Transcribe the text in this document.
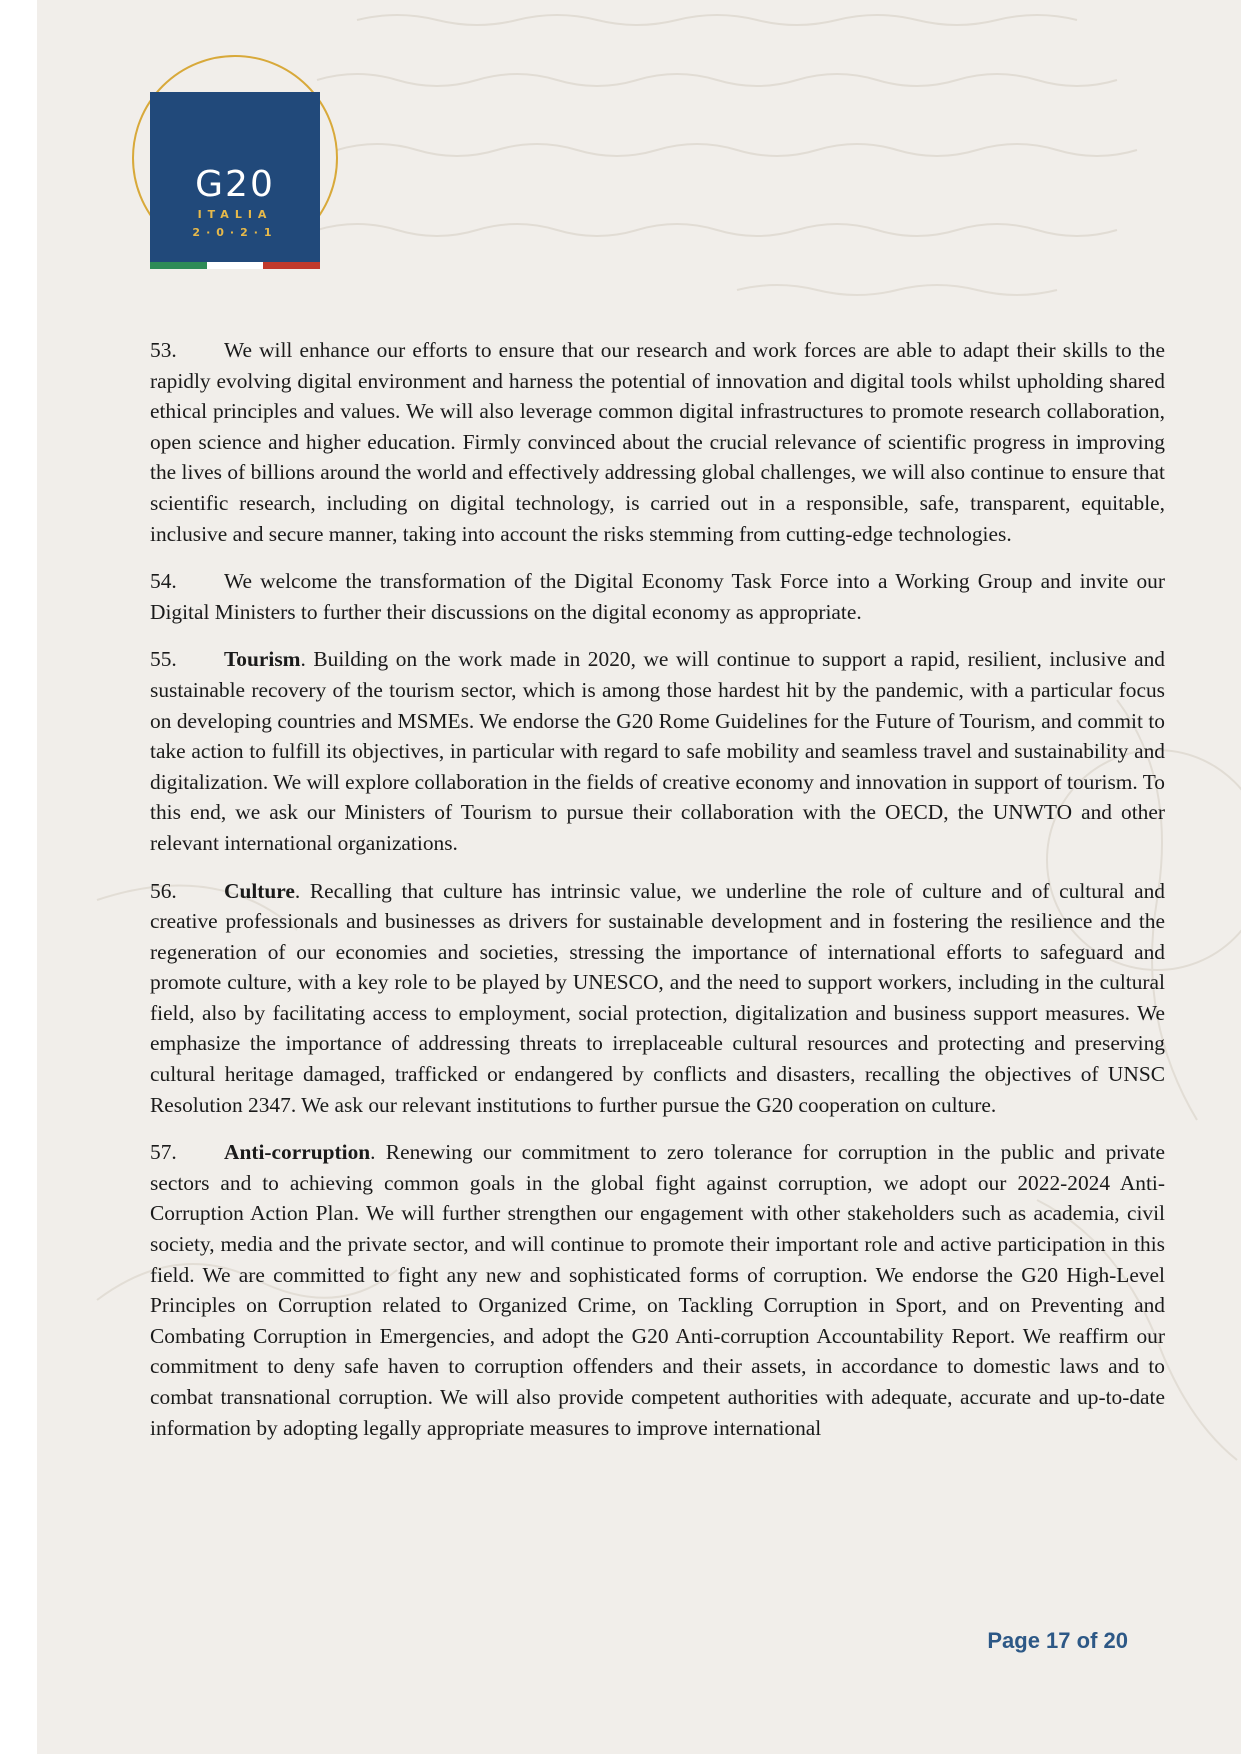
G20
ITALIA
2·0·2·1

53. We will enhance our efforts to ensure that our research and work forces are able to adapt their skills to the rapidly evolving digital environment and harness the potential of innovation and digital tools whilst upholding shared ethical principles and values. We will also leverage common digital infrastructures to promote research collaboration, open science and higher education. Firmly convinced about the crucial relevance of scientific progress in improving the lives of billions around the world and effectively addressing global challenges, we will also continue to ensure that scientific research, including on digital technology, is carried out in a responsible, safe, transparent, equitable, inclusive and secure manner, taking into account the risks stemming from cutting-edge technologies.

54. We welcome the transformation of the Digital Economy Task Force into a Working Group and invite our Digital Ministers to further their discussions on the digital economy as appropriate.

55. Tourism. Building on the work made in 2020, we will continue to support a rapid, resilient, inclusive and sustainable recovery of the tourism sector, which is among those hardest hit by the pandemic, with a particular focus on developing countries and MSMEs. We endorse the G20 Rome Guidelines for the Future of Tourism, and commit to take action to fulfill its objectives, in particular with regard to safe mobility and seamless travel and sustainability and digitalization. We will explore collaboration in the fields of creative economy and innovation in support of tourism. To this end, we ask our Ministers of Tourism to pursue their collaboration with the OECD, the UNWTO and other relevant international organizations.

56. Culture. Recalling that culture has intrinsic value, we underline the role of culture and of cultural and creative professionals and businesses as drivers for sustainable development and in fostering the resilience and the regeneration of our economies and societies, stressing the importance of international efforts to safeguard and promote culture, with a key role to be played by UNESCO, and the need to support workers, including in the cultural field, also by facilitating access to employment, social protection, digitalization and business support measures. We emphasize the importance of addressing threats to irreplaceable cultural resources and protecting and preserving cultural heritage damaged, trafficked or endangered by conflicts and disasters, recalling the objectives of UNSC Resolution 2347. We ask our relevant institutions to further pursue the G20 cooperation on culture.

57. Anti-corruption. Renewing our commitment to zero tolerance for corruption in the public and private sectors and to achieving common goals in the global fight against corruption, we adopt our 2022-2024 Anti-Corruption Action Plan. We will further strengthen our engagement with other stakeholders such as academia, civil society, media and the private sector, and will continue to promote their important role and active participation in this field. We are committed to fight any new and sophisticated forms of corruption. We endorse the G20 High-Level Principles on Corruption related to Organized Crime, on Tackling Corruption in Sport, and on Preventing and Combating Corruption in Emergencies, and adopt the G20 Anti-corruption Accountability Report. We reaffirm our commitment to deny safe haven to corruption offenders and their assets, in accordance to domestic laws and to combat transnational corruption. We will also provide competent authorities with adequate, accurate and up-to-date information by adopting legally appropriate measures to improve international

Page 17 of 20
